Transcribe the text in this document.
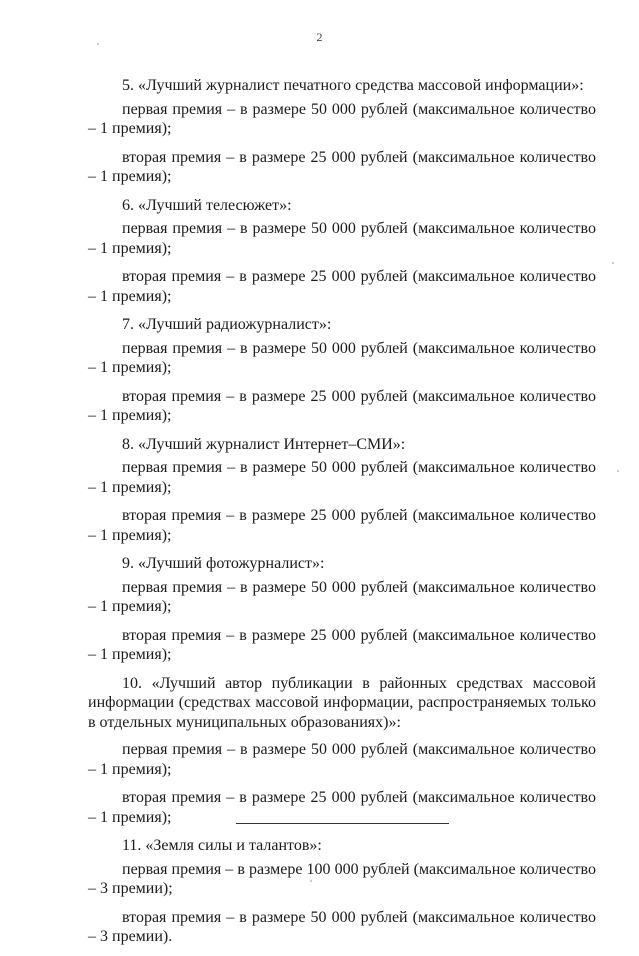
2

5. «Лучший журналист печатного средства массовой информации»:

первая премия – в размере 50 000 рублей (максимальное количество – 1 премия);

вторая премия – в размере 25 000 рублей (максимальное количество – 1 премия);

6. «Лучший телесюжет»:

первая премия – в размере 50 000 рублей (максимальное количество – 1 премия);

вторая премия – в размере 25 000 рублей (максимальное количество – 1 премия);

7. «Лучший радиожурналист»:

первая премия – в размере 50 000 рублей (максимальное количество – 1 премия);

вторая премия – в размере 25 000 рублей (максимальное количество – 1 премия);

8. «Лучший журналист Интернет–СМИ»:

первая премия – в размере 50 000 рублей (максимальное количество – 1 премия);

вторая премия – в размере 25 000 рублей (максимальное количество – 1 премия);

9. «Лучший фотожурналист»:

первая премия – в размере 50 000 рублей (максимальное количество – 1 премия);

вторая премия – в размере 25 000 рублей (максимальное количество – 1 премия);

10. «Лучший автор публикации в районных средствах массовой информации (средствах массовой информации, распространяемых только в отдельных муниципальных образованиях)»:

первая премия – в размере 50 000 рублей (максимальное количество – 1 премия);

вторая премия – в размере 25 000 рублей (максимальное количество – 1 премия);

11. «Земля силы и талантов»:

первая премия – в размере 100 000 рублей (максимальное количество – 3 премии);

вторая премия – в размере 50 000 рублей (максимальное количество – 3 премии).
